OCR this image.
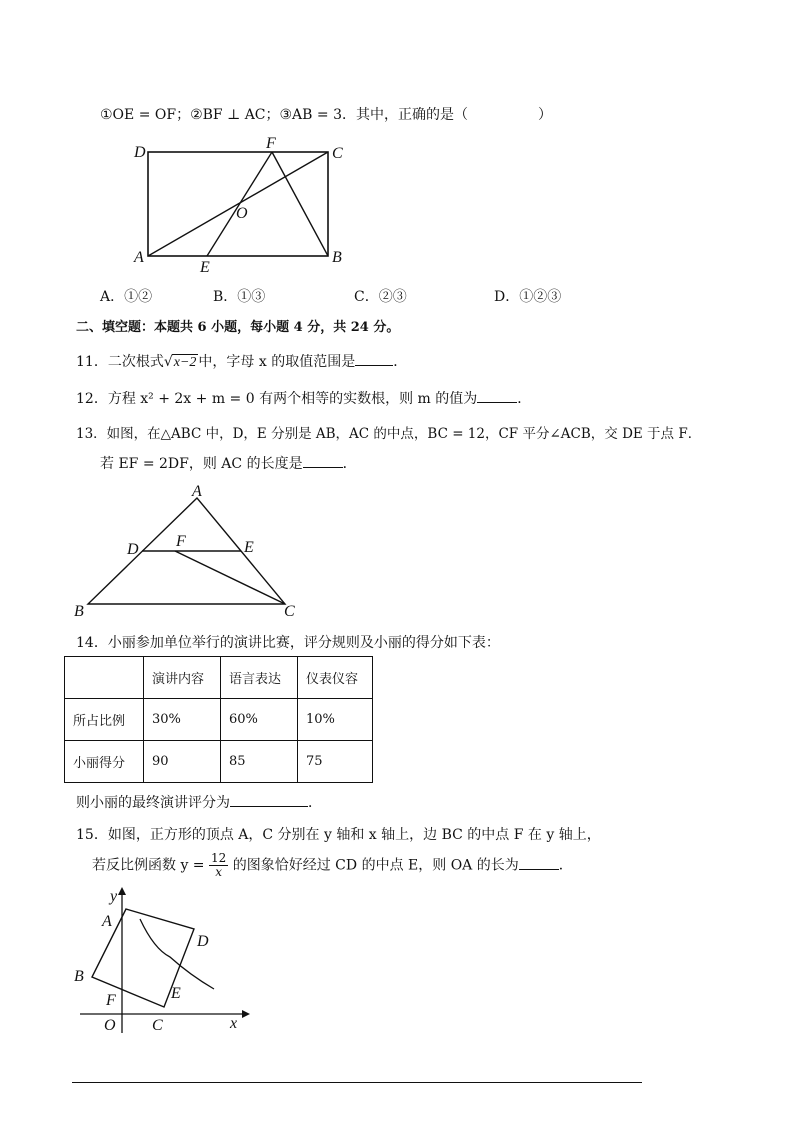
①OE = OF；②BF ⊥ AC；③AB = 3．其中，正确的是（　　　　　）
D
F
C
O
A
E
B
A．①②	B．①③	C．②③	D．①②③
二、填空题：本题共 6 小题，每小题 4 分，共 24 分。
11．二次根式√x−2 中，字母 x 的取值范围是	．
12．方程 x² + 2x + m = 0 有两个相等的实数根，则 m 的值为	．
13．如图，在△ABC 中，D，E 分别是 AB，AC 的中点，BC = 12，CF 平分∠ACB，交 DE 于点 F．
若 EF = 2DF，则 AC 的长度是	．
A
D F	E
B	C
14．小丽参加单位举行的演讲比赛，评分规则及小丽的得分如下表：
	演讲内容	语言表达	仪表仪容
所占比例	30%	60%	10%
小丽得分	90	85	75
则小丽的最终演讲评分为	．
15．如图，正方形的顶点 A，C 分别在 y 轴和 x 轴上，边 BC 的中点 F 在 y 轴上，
若反比例函数 $y = \frac{12}{x}$ 的图象恰好经过 CD 的中点 E，则 OA 的长为	．
y
A
D
B
E
F
O C	x
